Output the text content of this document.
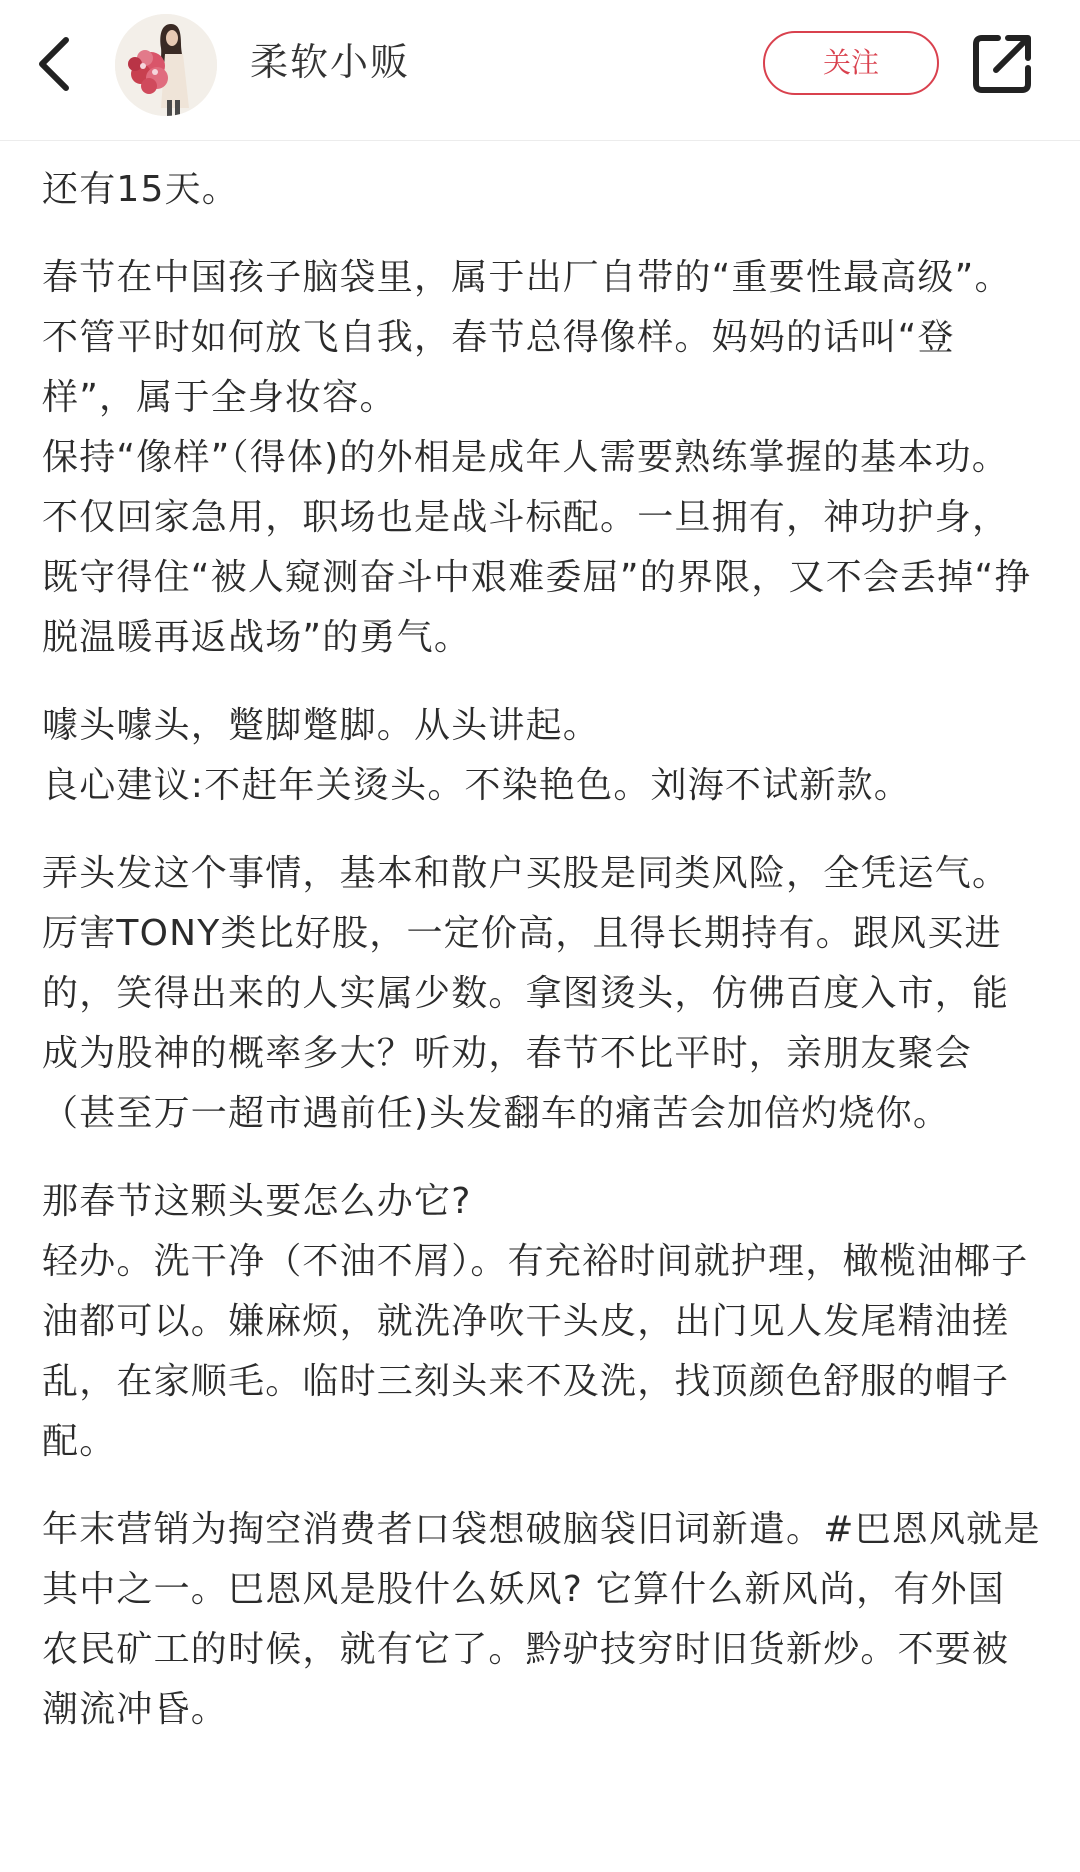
柔软小贩	关注

还有15天。

春节在中国孩子脑袋里，属于出厂自带的“重要性最高级”。不管平时如何放飞自我，春节总得像样。妈妈的话叫“登样”，属于全身妆容。
保持“像样”（得体)的外相是成年人需要熟练掌握的基本功。不仅回家急用，职场也是战斗标配。一旦拥有，神功护身，既守得住“被人窥测奋斗中艰难委屈”的界限，又不会丢掉“挣脱温暖再返战场”的勇气。

噱头噱头，蹩脚蹩脚。从头讲起。
良心建议:不赶年关烫头。不染艳色。刘海不试新款。

弄头发这个事情，基本和散户买股是同类风险，全凭运气。厉害TONY类比好股，一定价高，且得长期持有。跟风买进的，笑得出来的人实属少数。拿图烫头，仿佛百度入市，能成为股神的概率多大？听劝，春节不比平时，亲朋友聚会（甚至万一超市遇前任)头发翻车的痛苦会加倍灼烧你。

那春节这颗头要怎么办它?
轻办。洗干净（不油不屑）。有充裕时间就护理，橄榄油椰子油都可以。嫌麻烦，就洗净吹干头皮，出门见人发尾精油搓乱，在家顺毛。临时三刻头来不及洗，找顶颜色舒服的帽子配。

年末营销为掏空消费者口袋想破脑袋旧词新遣。#巴恩风就是其中之一。巴恩风是股什么妖风? 它算什么新风尚，有外国农民矿工的时候，就有它了。黔驴技穷时旧货新炒。不要被潮流冲昏。
